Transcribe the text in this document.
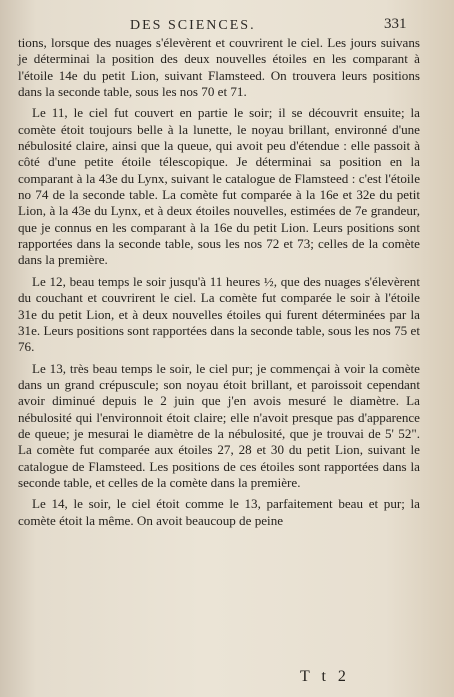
DES SCIENCES.	331

tions, lorsque des nuages s'élevèrent et couvrirent le ciel. Les jours suivans je déterminai la position des deux nouvelles étoiles en les comparant à l'étoile 14e du petit Lion, suivant Flamsteed. On trouvera leurs positions dans la seconde table, sous les nos 70 et 71.

Le 11, le ciel fut couvert en partie le soir; il se découvrit ensuite; la comète étoit toujours belle à la lunette, le noyau brillant, environné d'une nébulosité claire, ainsi que la queue, qui avoit peu d'étendue : elle passoit à côté d'une petite étoile télescopique. Je déterminai sa position en la comparant à la 43e du Lynx, suivant le catalogue de Flamsteed : c'est l'étoile no 74 de la seconde table. La comète fut comparée à la 16e et 32e du petit Lion, à la 43e du Lynx, et à deux étoiles nouvelles, estimées de 7e grandeur, que je connus en les comparant à la 16e du petit Lion. Leurs positions sont rapportées dans la seconde table, sous les nos 72 et 73; celles de la comète dans la première.

Le 12, beau temps le soir jusqu'à 11 heures ½, que des nuages s'élevèrent du couchant et couvrirent le ciel. La comète fut comparée le soir à l'étoile 31e du petit Lion, et à deux nouvelles étoiles qui furent déterminées par la 31e. Leurs positions sont rapportées dans la seconde table, sous les nos 75 et 76.

Le 13, très beau temps le soir, le ciel pur; je commençai à voir la comète dans un grand crépuscule; son noyau étoit brillant, et paroissoit cependant avoir diminué depuis le 2 juin que j'en avois mesuré le diamètre. La nébulosité qui l'environnoit étoit claire; elle n'avoit presque pas d'apparence de queue; je mesurai le diamètre de la nébulosité, que je trouvai de 5' 52". La comète fut comparée aux étoiles 27, 28 et 30 du petit Lion, suivant le catalogue de Flamsteed. Les positions de ces étoiles sont rapportées dans la seconde table, et celles de la comète dans la première.

Le 14, le soir, le ciel étoit comme le 13, parfaitement beau et pur; la comète étoit la même. On avoit beaucoup de peine

T t 2
